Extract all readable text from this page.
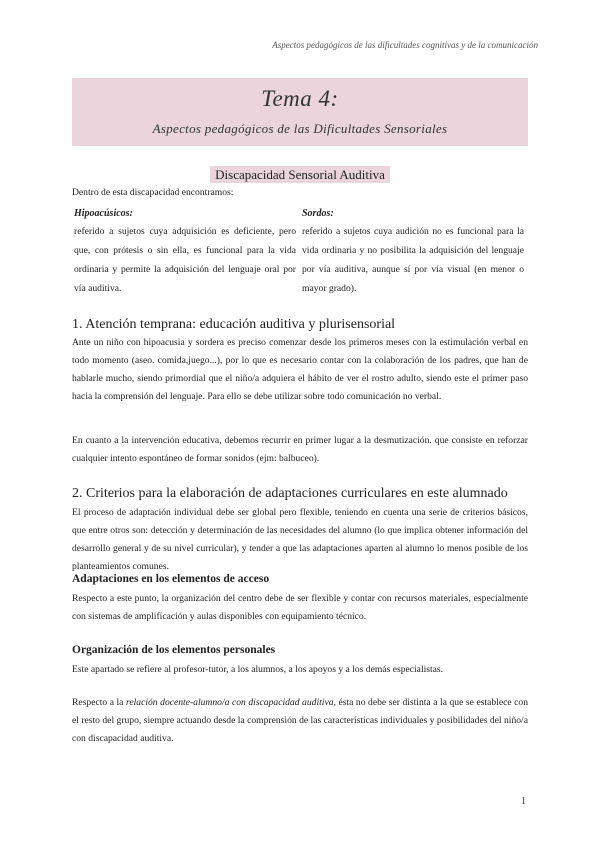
Aspectos pedagógicos de las dificultades cognitivas y de la comunicación
Tema 4:
Aspectos pedagógicos de las Dificultades Sensoriales
Discapacidad Sensorial Auditiva
Dentro de esta discapacidad encontramos:
Hipoacúsicos:
referido a sujetos cuya adquisición es deficiente, pero que, con prótesis o sin ella, es funcional para la vida ordinaria y permite la adquisición del lenguaje oral por vía auditiva.
Sordos:
referido a sujetos cuya audición no es funcional para la vida ordinaria y no posibilita la adquisición del lenguaje por vía auditiva, aunque sí por vía visual (en menor o mayor grado).
1. Atención temprana: educación auditiva y plurisensorial
Ante un niño con hipoacusia y sordera es preciso comenzar desde los primeros meses con la estimulación verbal en todo momento (aseo. comida,juego...), por lo que es necesario contar con la colaboración de los padres, que han de hablarle mucho, siendo primordial que el niño/a adquiera el hábito de ver el rostro adulto, siendo este el primer paso hacia la comprensión del lenguaje. Para ello se debe utilizar sobre todo comunicación no verbal.
En cuanto a la intervención educativa, debemos recurrir en primer lugar a la desmutización. que consiste en reforzar cualquier intento espontáneo de formar sonidos (ejm: balbuceo).
2. Criterios para la elaboración de adaptaciones curriculares en este alumnado
El proceso de adaptación individual debe ser global pero flexible, teniendo en cuenta una serie de criterios básicos, que entre otros son: detección y determinación de las necesidades del alumno (lo que implica obtener información del desarrollo general y de su nivel curricular), y tender a que las adaptaciones aparten al alumno lo menos posible de los planteamientos comunes.
Adaptaciones en los elementos de acceso
Respecto a este punto, la organización del centro debe de ser flexible y contar con recursos materiales, especialmente con sistemas de amplificación y aulas disponibles con equipamiento técnico.
Organización de los elementos personales
Este apartado se refiere al profesor-tutor, a los alumnos, a los apoyos y a los demás especialistas.
Respecto a la relación docente-alumno/a con discapacidad auditiva, ésta no debe ser distinta a la que se establece con el resto del grupo, siempre actuando desde la comprensión de las características individuales y posibilidades del niño/a con discapacidad auditiva.
1
